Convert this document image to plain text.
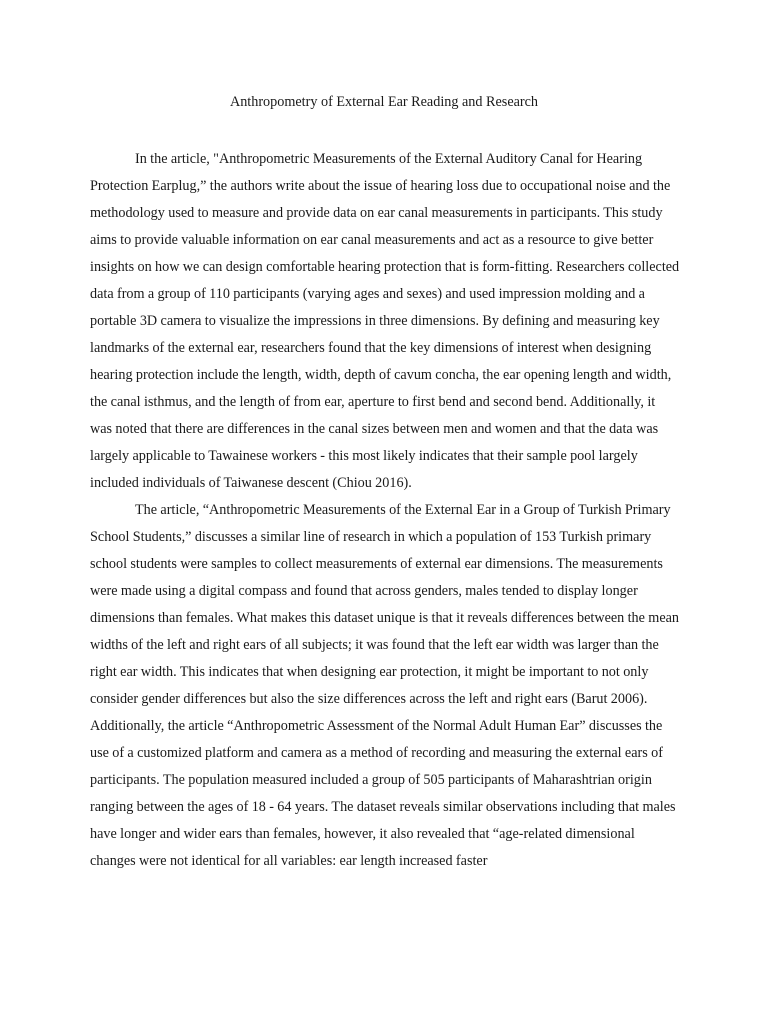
Anthropometry of External Ear Reading and Research

In the article, "Anthropometric Measurements of the External Auditory Canal for Hearing Protection Earplug,” the authors write about the issue of hearing loss due to occupational noise and the methodology used to measure and provide data on ear canal measurements in participants. This study aims to provide valuable information on ear canal measurements and act as a resource to give better insights on how we can design comfortable hearing protection that is form-fitting. Researchers collected data from a group of 110 participants (varying ages and sexes) and used impression molding and a portable 3D camera to visualize the impressions in three dimensions. By defining and measuring key landmarks of the external ear, researchers found that the key dimensions of interest when designing hearing protection include the length, width, depth of cavum concha, the ear opening length and width, the canal isthmus, and the length of from ear, aperture to first bend and second bend. Additionally, it was noted that there are differences in the canal sizes between men and women and that the data was largely applicable to Tawainese workers - this most likely indicates that their sample pool largely included individuals of Taiwanese descent (Chiou 2016).

The article, “Anthropometric Measurements of the External Ear in a Group of Turkish Primary School Students,” discusses a similar line of research in which a population of 153 Turkish primary school students were samples to collect measurements of external ear dimensions. The measurements were made using a digital compass and found that across genders, males tended to display longer dimensions than females. What makes this dataset unique is that it reveals differences between the mean widths of the left and right ears of all subjects; it was found that the left ear width was larger than the right ear width. This indicates that when designing ear protection, it might be important to not only consider gender differences but also the size differences across the left and right ears (Barut 2006). Additionally, the article “Anthropometric Assessment of the Normal Adult Human Ear” discusses the use of a customized platform and camera as a method of recording and measuring the external ears of participants. The population measured included a group of 505 participants of Maharashtrian origin ranging between the ages of 18 - 64 years. The dataset reveals similar observations including that males have longer and wider ears than females, however, it also revealed that “age-related dimensional changes were not identical for all variables: ear length increased faster
